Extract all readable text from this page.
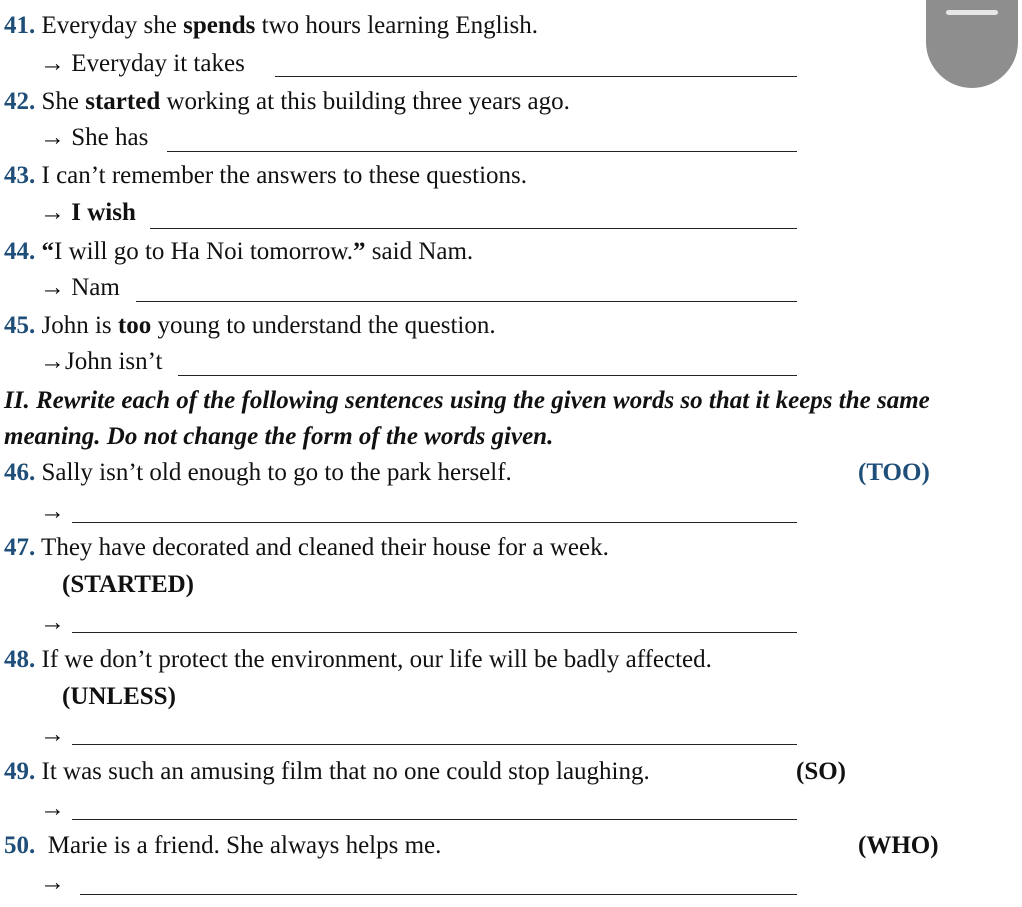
41. Everyday she spends two hours learning English.
→ Everyday it takes
42. She started working at this building three years ago.
→ She has
43. I can’t remember the answers to these questions.
→ I wish
44. “I will go to Ha Noi tomorrow.” said Nam.
→ Nam
45. John is too young to understand the question.
→John isn’t
II. Rewrite each of the following sentences using the given words so that it keeps the same
meaning. Do not change the form of the words given.
46. Sally isn’t old enough to go to the park herself.	(TOO)
→
47. They have decorated and cleaned their house for a week.
(STARTED)
→
48. If we don’t protect the environment, our life will be badly affected.
(UNLESS)
→
49. It was such an amusing film that no one could stop laughing.	(SO)
→
50.  Marie is a friend. She always helps me.	(WHO)
→
